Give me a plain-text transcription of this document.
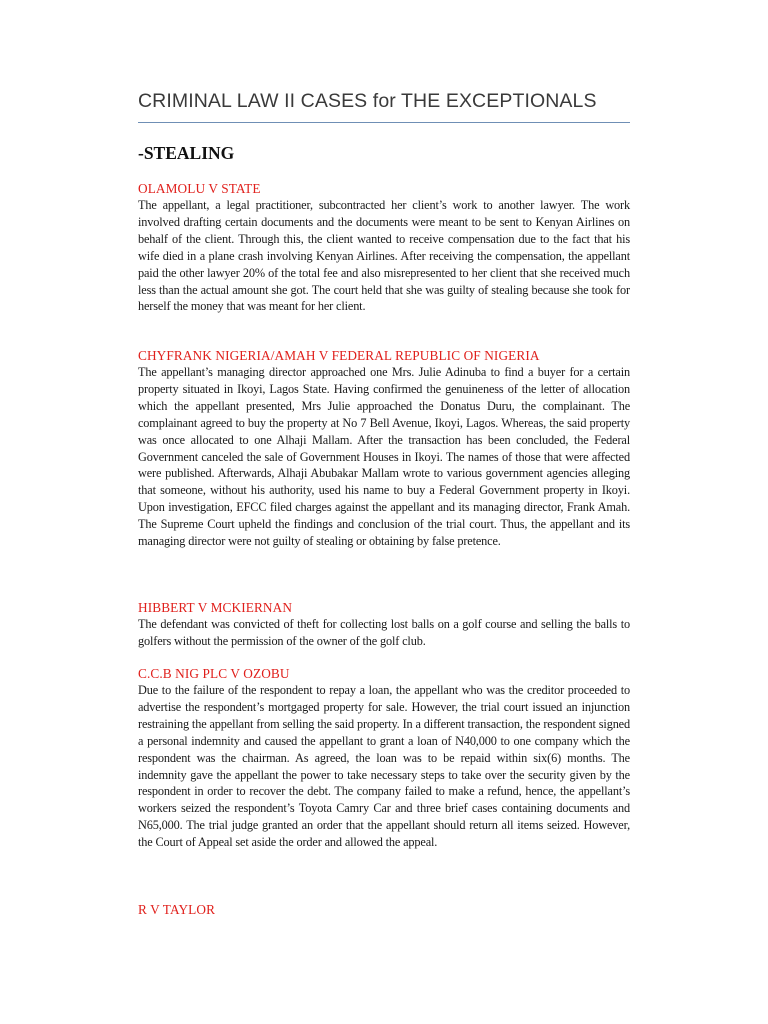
CRIMINAL LAW II CASES for THE EXCEPTIONALS
-STEALING
OLAMOLU V STATE

The appellant, a legal practitioner, subcontracted her client’s work to another lawyer. The work involved drafting certain documents and the documents were meant to be sent to Kenyan Airlines on behalf of the client. Through this, the client wanted to receive compensation due to the fact that his wife died in a plane crash involving Kenyan Airlines. After receiving the compensation, the appellant paid the other lawyer 20% of the total fee and also misrepresented to her client that she received much less than the actual amount she got. The court held that she was guilty of stealing because she took for herself the money that was meant for her client.

CHYFRANK NIGERIA/AMAH V FEDERAL REPUBLIC OF NIGERIA

The appellant’s managing director approached one Mrs. Julie Adinuba to find a buyer for a certain property situated in Ikoyi, Lagos State. Having confirmed the genuineness of the letter of allocation which the appellant presented, Mrs Julie approached the Donatus Duru, the complainant. The complainant agreed to buy the property at No 7 Bell Avenue, Ikoyi, Lagos. Whereas, the said property was once allocated to one Alhaji Mallam. After the transaction has been concluded, the Federal Government canceled the sale of Government Houses in Ikoyi. The names of those that were affected were published. Afterwards, Alhaji Abubakar Mallam wrote to various government agencies alleging that someone, without his authority, used his name to buy a Federal Government property in Ikoyi. Upon investigation, EFCC filed charges against the appellant and its managing director, Frank Amah. The Supreme Court upheld the findings and conclusion of the trial court. Thus, the appellant and its managing director were not guilty of stealing or obtaining by false pretence.

HIBBERT V MCKIERNAN

The defendant was convicted of theft for collecting lost balls on a golf course and selling the balls to golfers without the permission of the owner of the golf club.

C.C.B NIG PLC V OZOBU

Due to the failure of the respondent to repay a loan, the appellant who was the creditor proceeded to advertise the respondent’s mortgaged property for sale. However, the trial court issued an injunction restraining the appellant from selling the said property. In a different transaction, the respondent signed a personal indemnity and caused the appellant to grant a loan of N40,000 to one company which the respondent was the chairman. As agreed, the loan was to be repaid within six(6) months. The indemnity gave the appellant the power to take necessary steps to take over the security given by the respondent in order to recover the debt. The company failed to make a refund, hence, the appellant’s workers seized the respondent’s Toyota Camry Car and three brief cases containing documents and N65,000. The trial judge granted an order that the appellant should return all items seized. However, the Court of Appeal set aside the order and allowed the appeal.

R V TAYLOR
